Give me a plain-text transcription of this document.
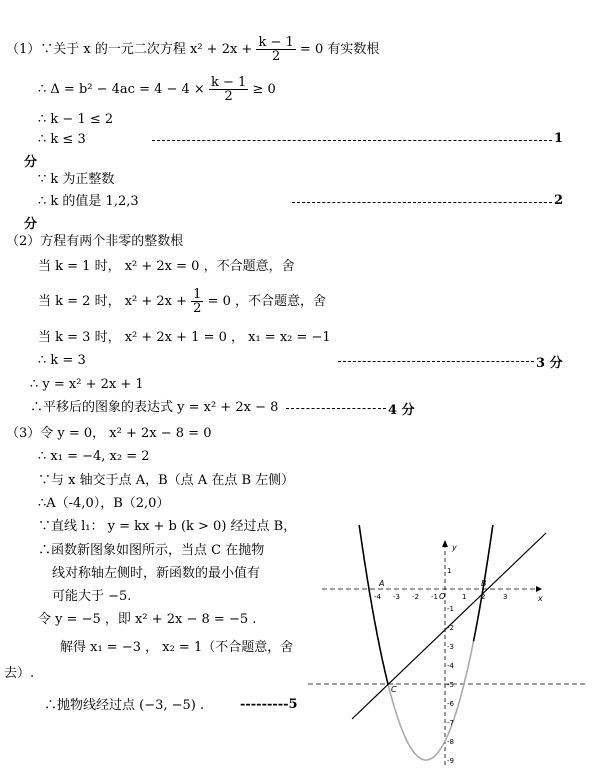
（1）∵关于 x 的一元二次方程 $x^2 + 2x + \frac{k - 1}{2} = 0$ 有实数根
∴ $\Delta = b^2 - 4ac = 4 - 4 \times \frac{k - 1}{2} \ge 0$
∴ k − 1 ≤ 2
∴ k ≤ 3	1
分
∵ k 为正整数
∴ k 的值是 1,2,3	2
分
（2）方程有两个非零的整数根
当 k = 1 时， x² + 2x = 0 ，不合题意，舍
当 k = 2 时， $x^2 + 2x + \frac{1}{2} = 0$ ，不合题意，舍
当 k = 3 时， x² + 2x + 1 = 0 ， x₁ = x₂ = −1
∴ k = 3	3 分
∴ y = x² + 2x + 1
∴平移后的图象的表达式 y = x² + 2x − 8	4 分
（3）令 y = 0， x² + 2x − 8 = 0
∴ x₁ = −4, x₂ = 2
∵与 x 轴交于点 A，B（点 A 在点 B 左侧）
∴A（-4,0），B（2,0）
∵直线 l₁： y = kx + b (k > 0) 经过点 B，
∴函数新图象如图所示，当点 C 在抛物
线对称轴左侧时，新函数的最小值有
可能大于 −5.
令 y = −5 ，即 x² + 2x − 8 = −5 .
解得 x₁ = −3 ， x₂ = 1（不合题意，舍
去）.
∴抛物线经过点 (−3, −5) .	---------5
-4 -3 -2 -1	1 2	3
1
-1
-2
-3
-4
-5
-6
-7
-8
-9
x
y
O
A	B
C
